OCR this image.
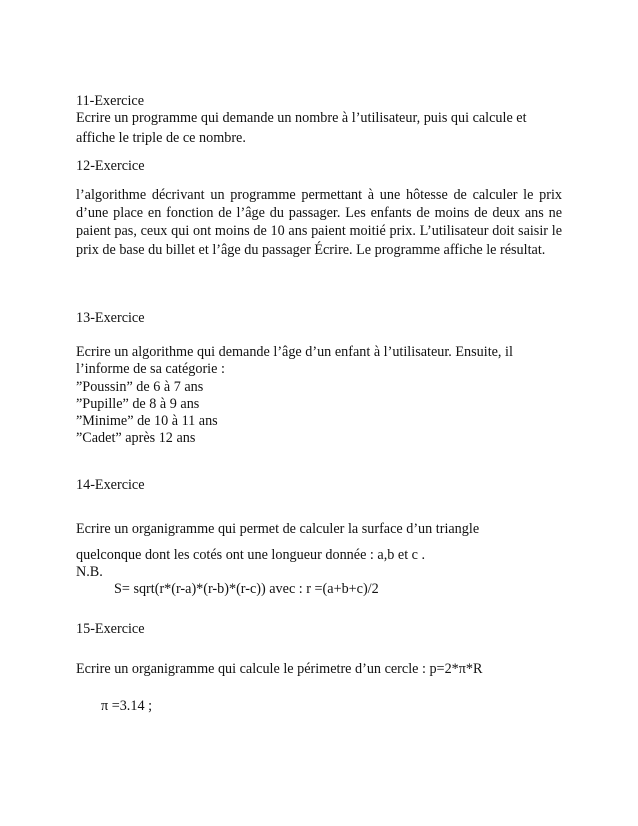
11-Exercice
Ecrire un programme qui demande un nombre à l’utilisateur, puis qui calcule et
affiche le triple de ce nombre.
12-Exercice
l’algorithme décrivant un programme permettant à une hôtesse de calculer le prix d’une place en fonction de l’âge du passager. Les enfants de moins de deux ans ne paient pas, ceux qui ont moins de 10 ans paient moitié prix. L’utilisateur doit saisir le prix de base du billet et l’âge du passager Écrire. Le programme affiche le résultat.
13-Exercice
Ecrire un algorithme qui demande l’âge d’un enfant à l’utilisateur. Ensuite, il
l’informe de sa catégorie :
”Poussin” de 6 à 7 ans
”Pupille” de 8 à 9 ans
”Minime” de 10 à 11 ans
”Cadet” après 12 ans
14-Exercice
Ecrire un organigramme qui permet de calculer la surface d’un triangle
quelconque dont les cotés ont une longueur donnée : a,b et c .
N.B.
S= sqrt(r*(r-a)*(r-b)*(r-c)) avec : r =(a+b+c)/2
15-Exercice
Ecrire un organigramme qui calcule le périmetre d’un cercle : p=2*π*R
π =3.14 ;
